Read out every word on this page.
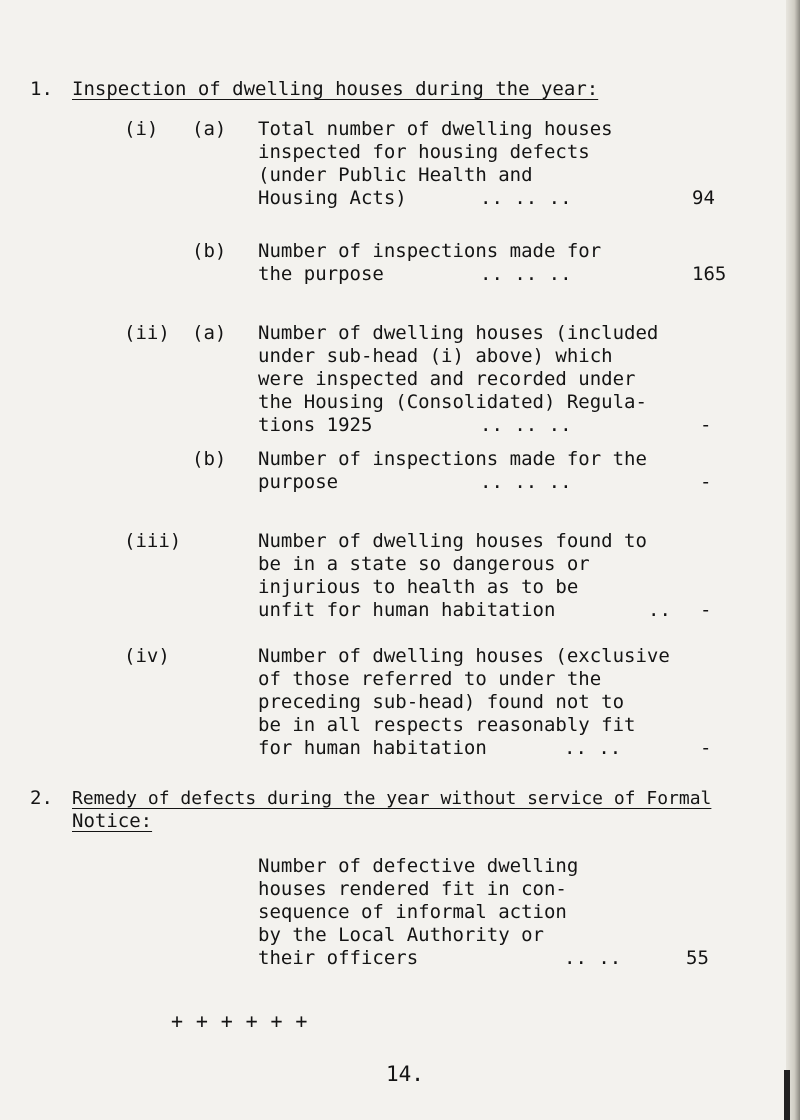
1. Inspection of dwelling houses during the year:
(i) (a) Total number of dwelling houses
inspected for housing defects
(under Public Health and
Housing Acts)	.. .. ..	94
(b) Number of inspections made for
the purpose	.. .. ..	165
(ii) (a) Number of dwelling houses (included
under sub-head (i) above) which
were inspected and recorded under
the Housing (Consolidated) Regula-
tions 1925	.. .. ..	-
(b) Number of inspections made for the
purpose	.. .. ..	-
(iii)	Number of dwelling houses found to
be in a state so dangerous or
injurious to health as to be
unfit for human habitation	.. -
(iv)	Number of dwelling houses (exclusive
of those referred to under the
preceding sub-head) found not to
be in all respects reasonably fit
for human habitation	.. ..	-
2. Remedy of defects during the year without service of Formal
Notice:
Number of defective dwelling
houses rendered fit in con-
sequence of informal action
by the Local Authority or
their officers	.. ..	55
+ + + + + +
14.
